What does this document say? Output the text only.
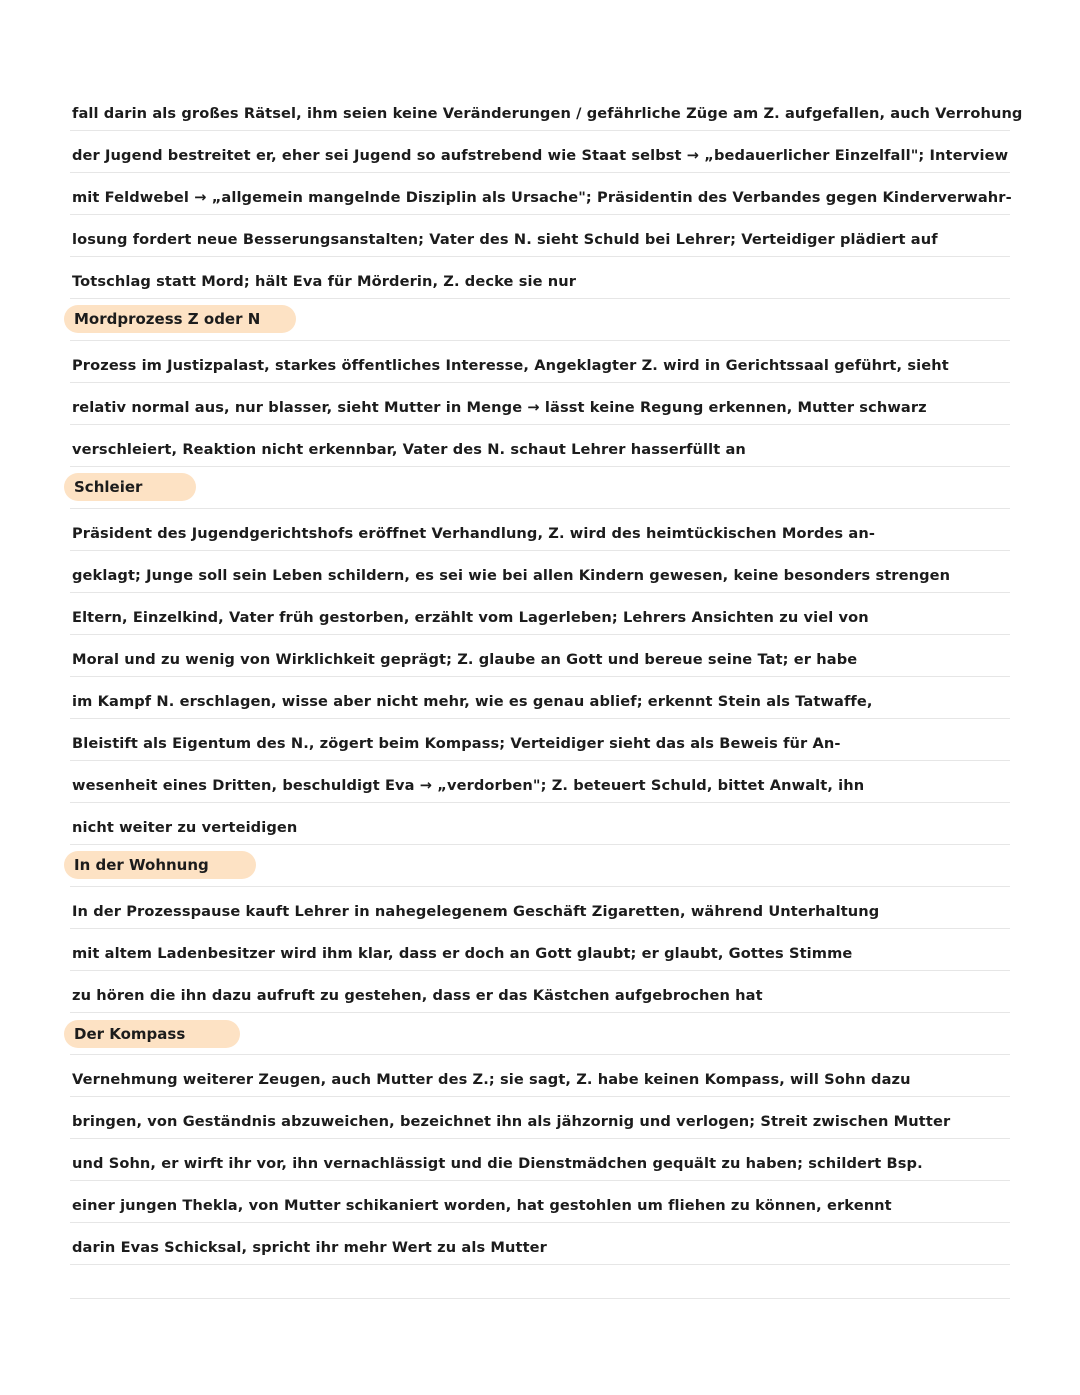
fall darin als großes Rätsel, ihm seien keine Veränderungen / gefährliche Züge am Z. aufgefallen, auch Verrohung
der Jugend bestreitet er, eher sei Jugend so aufstrebend wie Staat selbst → „bedauerlicher Einzelfall"; Interview
mit Feldwebel → „allgemein mangelnde Disziplin als Ursache"; Präsidentin des Verbandes gegen Kinderverwahr-
losung fordert neue Besserungsanstalten; Vater des N. sieht Schuld bei Lehrer; Verteidiger plädiert auf
Totschlag statt Mord; hält Eva für Mörderin, Z. decke sie nur
Mordprozess Z oder N
Prozess im Justizpalast, starkes öffentliches Interesse, Angeklagter Z. wird in Gerichtssaal geführt, sieht
relativ normal aus, nur blasser, sieht Mutter in Menge → lässt keine Regung erkennen, Mutter schwarz
verschleiert, Reaktion nicht erkennbar, Vater des N. schaut Lehrer hasserfüllt an
Schleier
Präsident des Jugendgerichtshofs eröffnet Verhandlung, Z. wird des heimtückischen Mordes an-
geklagt; Junge soll sein Leben schildern, es sei wie bei allen Kindern gewesen, keine besonders strengen
Eltern, Einzelkind, Vater früh gestorben, erzählt vom Lagerleben; Lehrers Ansichten zu viel von
Moral und zu wenig von Wirklichkeit geprägt; Z. glaube an Gott und bereue seine Tat; er habe
im Kampf N. erschlagen, wisse aber nicht mehr, wie es genau ablief; erkennt Stein als Tatwaffe,
Bleistift als Eigentum des N., zögert beim Kompass; Verteidiger sieht das als Beweis für An-
wesenheit eines Dritten, beschuldigt Eva → „verdorben"; Z. beteuert Schuld, bittet Anwalt, ihn
nicht weiter zu verteidigen
In der Wohnung
In der Prozesspause kauft Lehrer in nahegelegenem Geschäft Zigaretten, während Unterhaltung
mit altem Ladenbesitzer wird ihm klar, dass er doch an Gott glaubt; er glaubt, Gottes Stimme
zu hören die ihn dazu aufruft zu gestehen, dass er das Kästchen aufgebrochen hat
Der Kompass
Vernehmung weiterer Zeugen, auch Mutter des Z.; sie sagt, Z. habe keinen Kompass, will Sohn dazu
bringen, von Geständnis abzuweichen, bezeichnet ihn als jähzornig und verlogen; Streit zwischen Mutter
und Sohn, er wirft ihr vor, ihn vernachlässigt und die Dienstmädchen gequält zu haben; schildert Bsp.
einer jungen Thekla, von Mutter schikaniert worden, hat gestohlen um fliehen zu können, erkennt
darin Evas Schicksal, spricht ihr mehr Wert zu als Mutter
